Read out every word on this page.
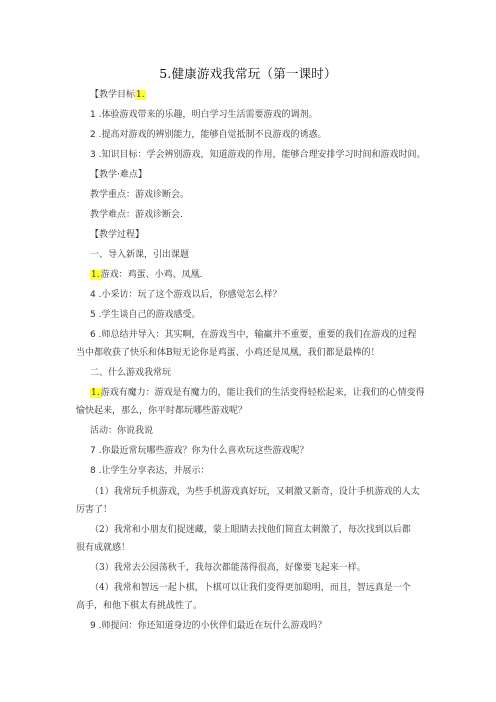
5.健康游戏我常玩（第一课时）
【教学目标1.
1 .体验游戏带来的乐趣，明白学习生活需要游戏的调剂。
2 .提高对游戏的辨别能力，能够自觉抵制不良游戏的诱惑。
3 .知识目标：学会辨别游戏，知道游戏的作用，能够合理安排学习时间和游戏时间。
【教学·难点】
教学重点：游戏诊断会。
教学难点：游戏诊断会.
【教学过程】
一、导入新课，引出课题
1.游戏：鸡蛋、小鸡、凤凰.
4 .小采访：玩了这个游戏以后，你感觉怎么样？
5 .学生谈自己的游戏感受。
6 .师总结并导入：其实啊，在游戏当中，输赢并不重要，重要的我们在游戏的过程
当中都收获了快乐和体B短无论你是鸡蛋、小鸡还是凤凰，我们都是最棒的！
二、什么游戏我常玩
1.游戏有魔力：游戏是有魔力的，能让我们的生活变得轻松起来，让我们的心情变得
愉快起来，那么，你平时都玩哪些游戏呢？
活动：你说我说
7 .你最近常玩哪些游戏？你为什么喜欢玩这些游戏呢？
8 .让学生分享表达，并展示：
（1）我常玩手机游戏，为些手机游戏真好玩，又刺激又新奇，设计手机游戏的人太
厉害了！
（2）我常和小朋友们捉迷藏，蒙上眼睛去找他们简直太刺激了，每次找到以后都
很有成就感！
（3）我常去公园荡秋千，我每次都能荡得很高，好像要飞起来一样。
（4）我常和智远一起卜棋，卜棋可以让我们变得更加聪明，而且，智远真是一个
高手，和他下棋太有挑战性了。
9 .师提问：你还知道身边的小伙伴们最近在玩什么游戏吗？
